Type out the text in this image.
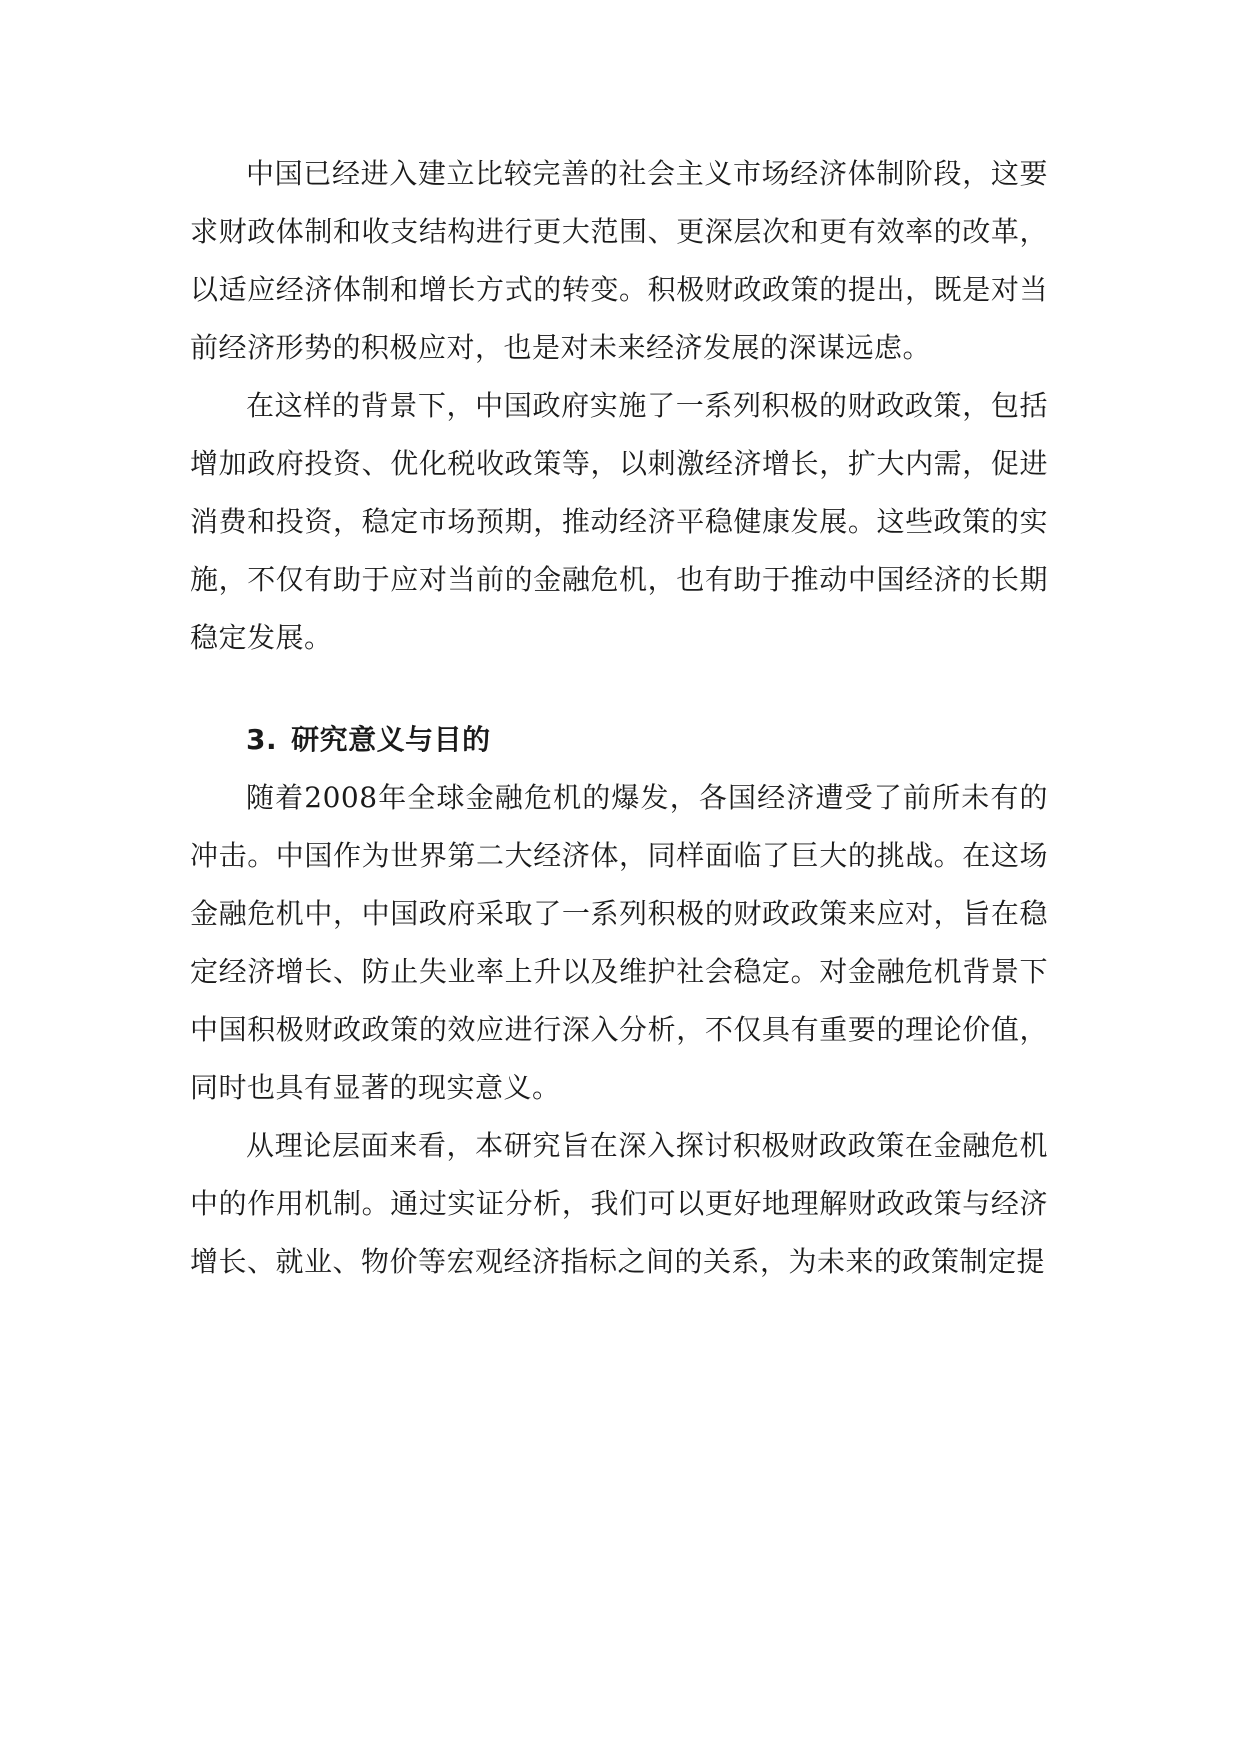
中国已经进入建立比较完善的社会主义市场经济体制阶段，这要求财政体制和收支结构进行更大范围、更深层次和更有效率的改革，以适应经济体制和增长方式的转变。积极财政政策的提出，既是对当前经济形势的积极应对，也是对未来经济发展的深谋远虑。

在这样的背景下，中国政府实施了一系列积极的财政政策，包括增加政府投资、优化税收政策等，以刺激经济增长，扩大内需，促进消费和投资，稳定市场预期，推动经济平稳健康发展。这些政策的实施，不仅有助于应对当前的金融危机，也有助于推动中国经济的长期稳定发展。

3. 研究意义与目的

随着2008年全球金融危机的爆发，各国经济遭受了前所未有的冲击。中国作为世界第二大经济体，同样面临了巨大的挑战。在这场金融危机中，中国政府采取了一系列积极的财政政策来应对，旨在稳定经济增长、防止失业率上升以及维护社会稳定。对金融危机背景下中国积极财政政策的效应进行深入分析，不仅具有重要的理论价值，同时也具有显著的现实意义。

从理论层面来看，本研究旨在深入探讨积极财政政策在金融危机中的作用机制。通过实证分析，我们可以更好地理解财政政策与经济增长、就业、物价等宏观经济指标之间的关系，为未来的政策制定提
